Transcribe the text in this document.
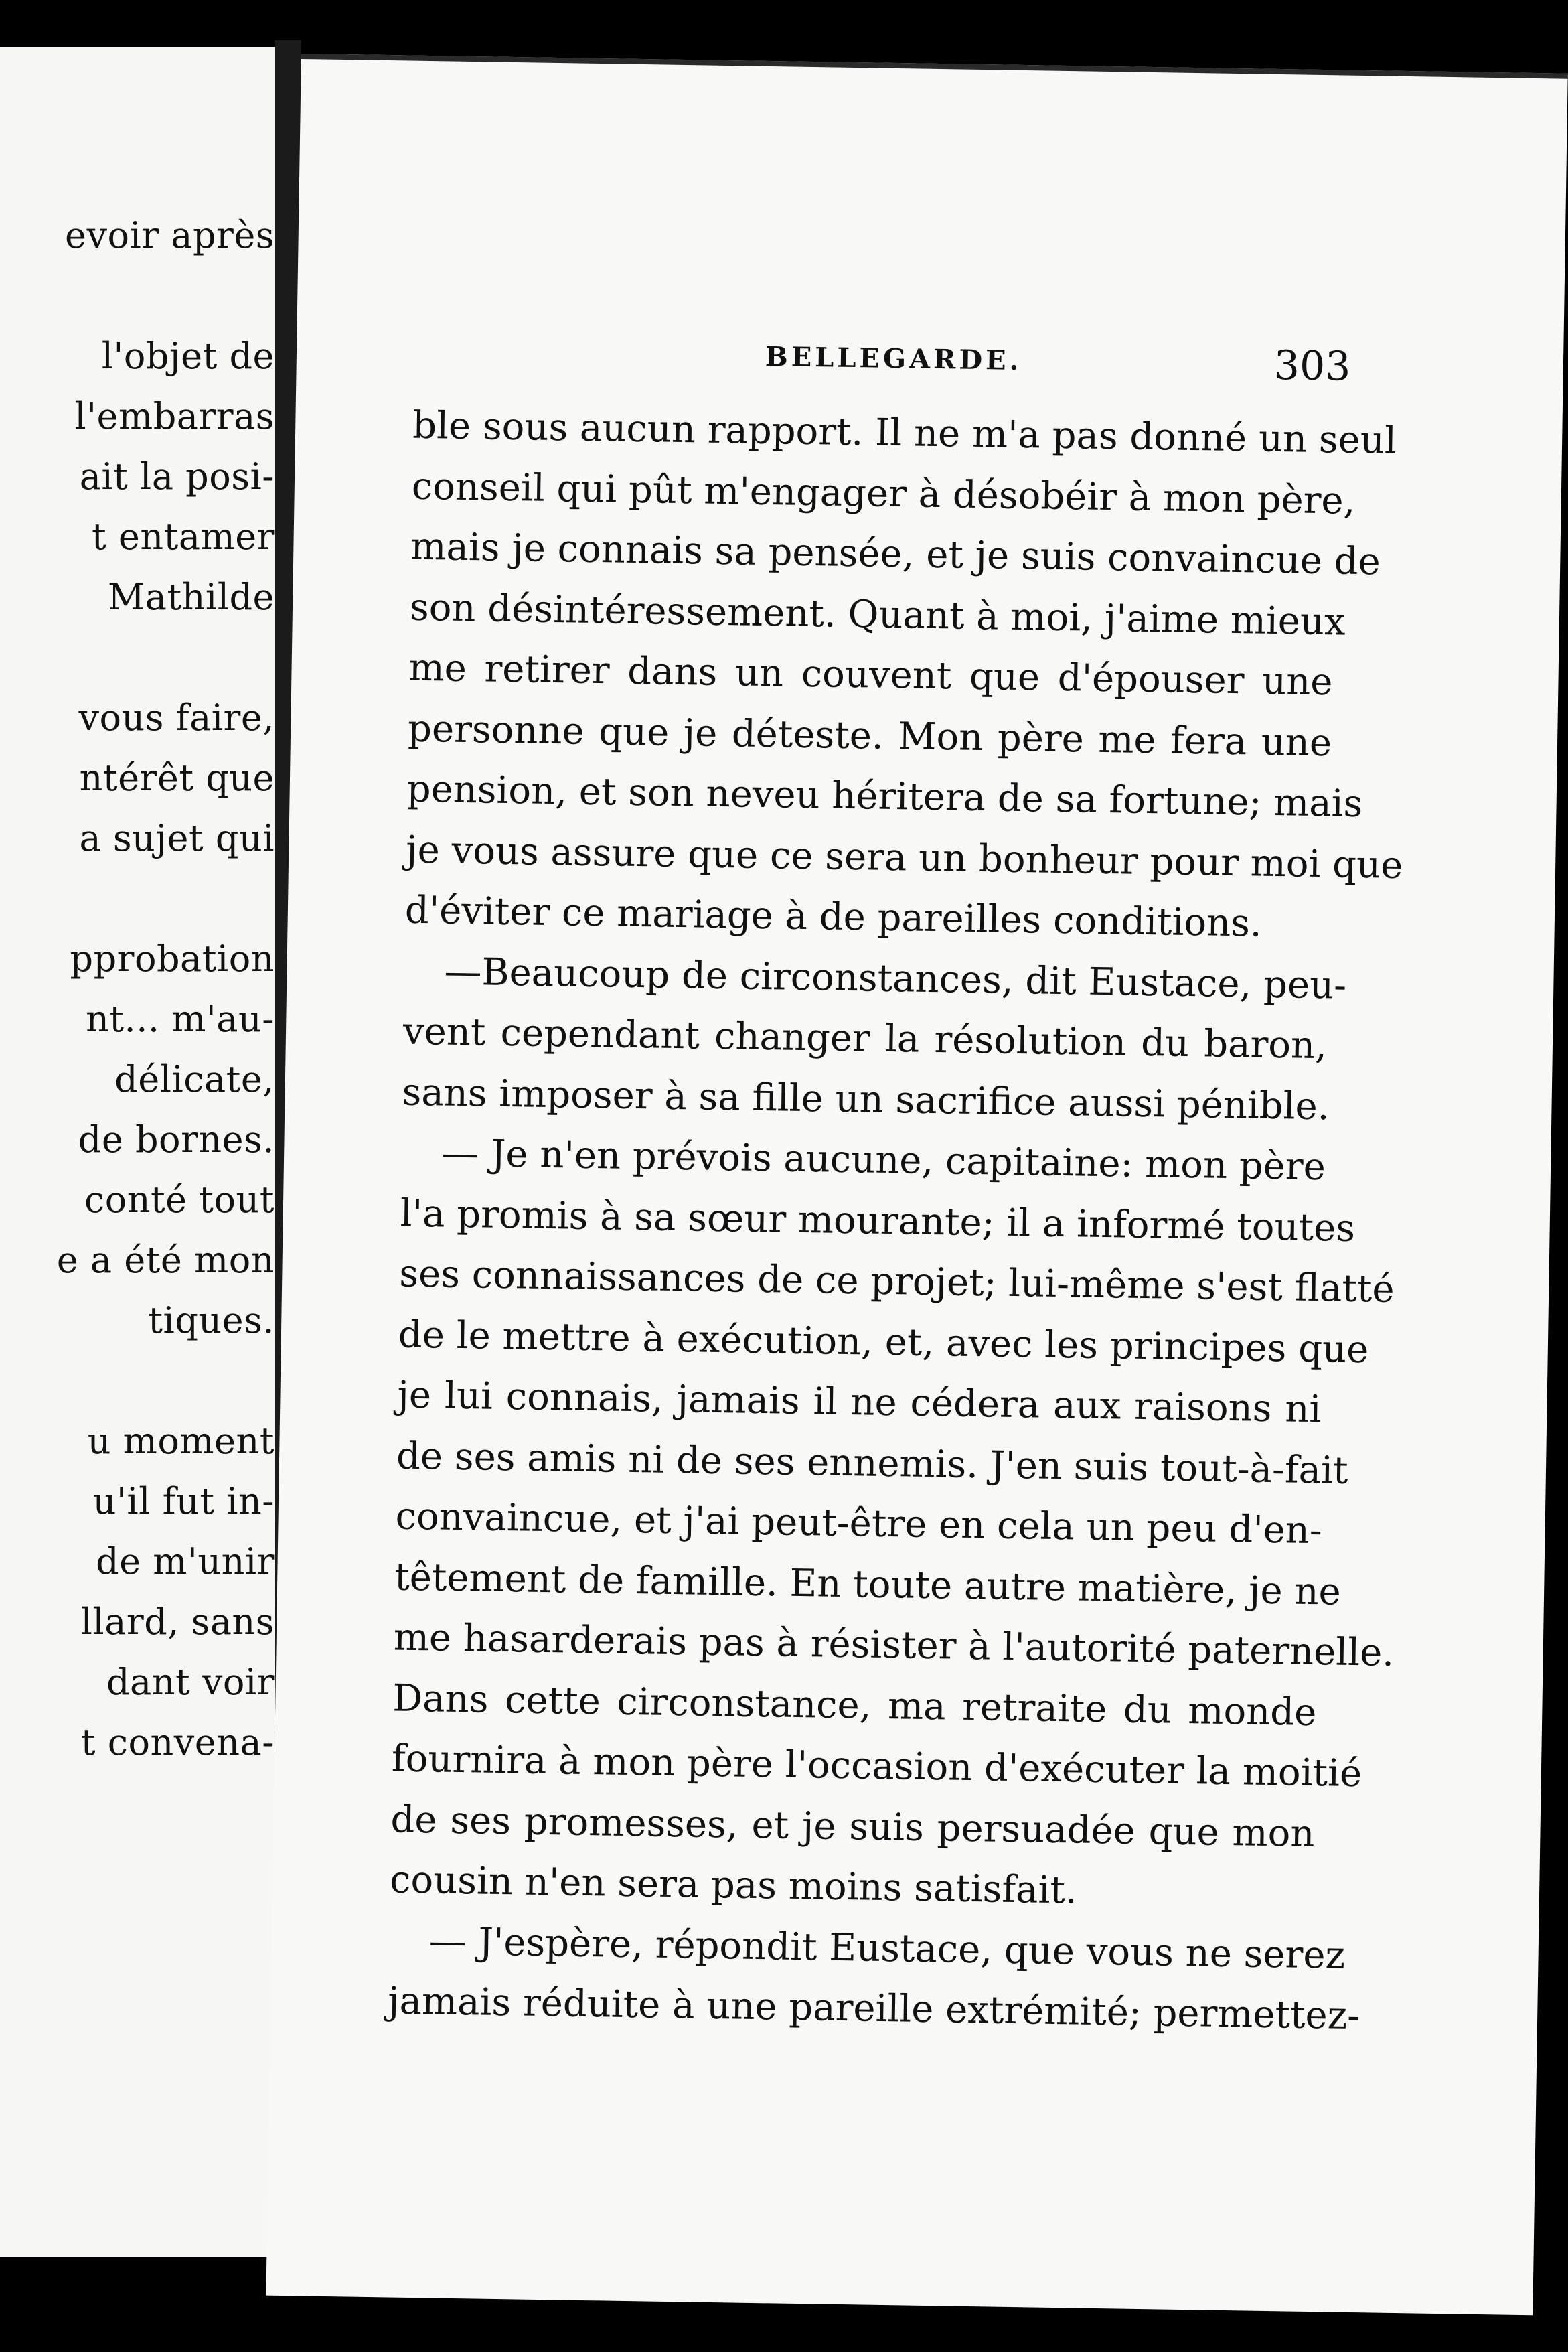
evoir après
l'objet de
l'embarras
ait la posi-
t entamer
Mathilde
vous faire,
ntérêt que
a sujet qui
pprobation
nt... m'au-
délicate,
de bornes.
conté tout
e a été mon
tiques.
u moment
u'il fut in-
de m'unir
llard, sans
dant voir
t convena-
BELLEGARDE.	303
ble sous aucun rapport. Il ne m'a pas donné un seul
conseil qui pût m'engager à désobéir à mon père,
mais je connais sa pensée, et je suis convaincue de
son désintéressement. Quant à moi, j'aime mieux
me retirer dans un couvent que d'épouser une
personne que je déteste. Mon père me fera une
pension, et son neveu héritera de sa fortune; mais
je vous assure que ce sera un bonheur pour moi que
d'éviter ce mariage à de pareilles conditions.
—Beaucoup de circonstances, dit Eustace, peu-
vent cependant changer la résolution du baron,
sans imposer à sa fille un sacrifice aussi pénible.
— Je n'en prévois aucune, capitaine: mon père
l'a promis à sa sœur mourante; il a informé toutes
ses connaissances de ce projet; lui-même s'est flatté
de le mettre à exécution, et, avec les principes que
je lui connais, jamais il ne cédera aux raisons ni
de ses amis ni de ses ennemis. J'en suis tout-à-fait
convaincue, et j'ai peut-être en cela un peu d'en-
têtement de famille. En toute autre matière, je ne
me hasarderais pas à résister à l'autorité paternelle.
Dans cette circonstance, ma retraite du monde
fournira à mon père l'occasion d'exécuter la moitié
de ses promesses, et je suis persuadée que mon
cousin n'en sera pas moins satisfait.
— J'espère, répondit Eustace, que vous ne serez
jamais réduite à une pareille extrémité; permettez-
